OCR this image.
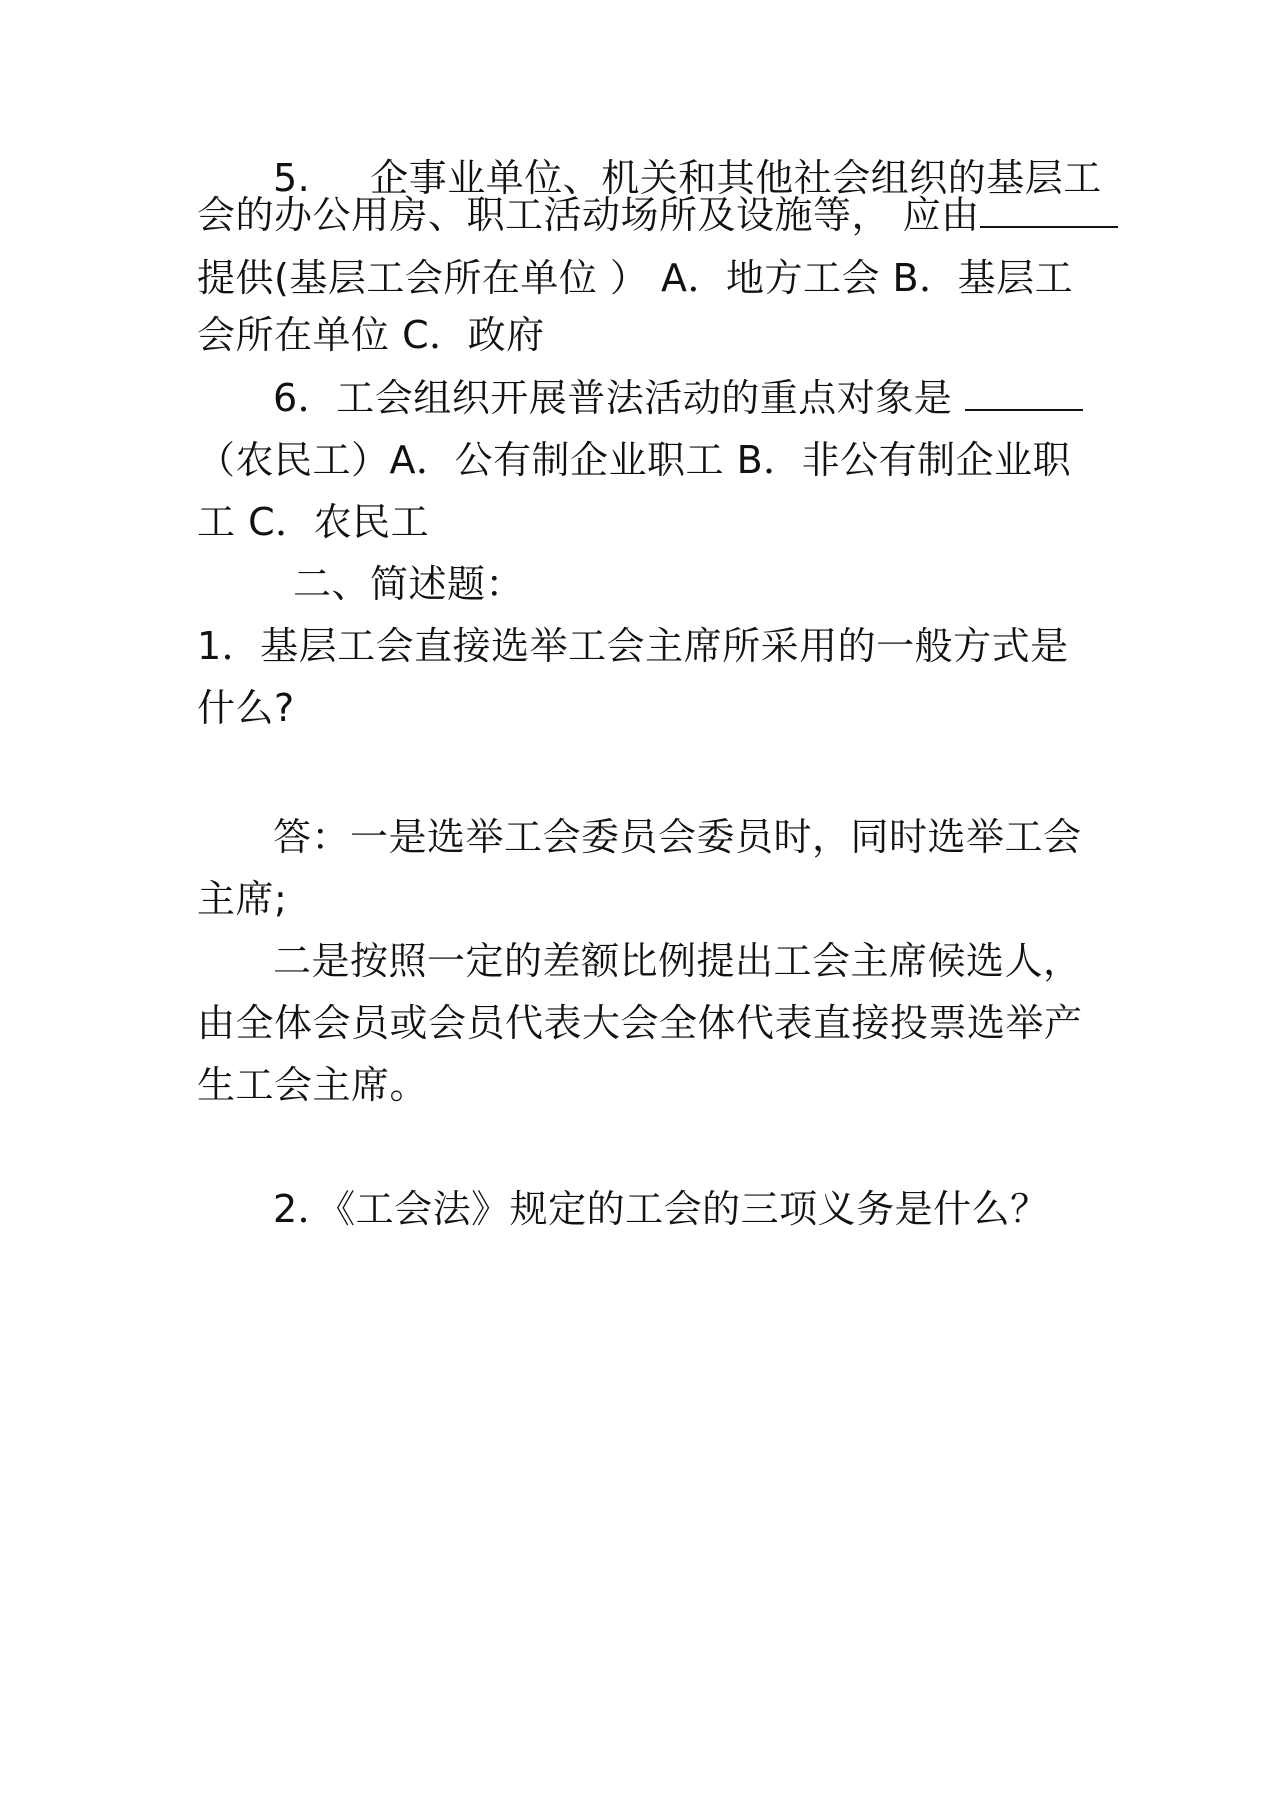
5. 企事业单位、机关和其他社会组织的基层工
会的办公用房、职工活动场所及设施等， 应由
提供(基层工会所在单位 ） A．地方工会 B．基层工
会所在单位 C．政府
6．工会组织开展普法活动的重点对象是
（农民工）A．公有制企业职工 B．非公有制企业职
工 C．农民工
二、简述题：
1．基层工会直接选举工会主席所采用的一般方式是
什么?
答：一是选举工会委员会委员时，同时选举工会
主席;
二是按照一定的差额比例提出工会主席候选人，
由全体会员或会员代表大会全体代表直接投票选举产
生工会主席。
2．《工会法》规定的工会的三项义务是什么？
